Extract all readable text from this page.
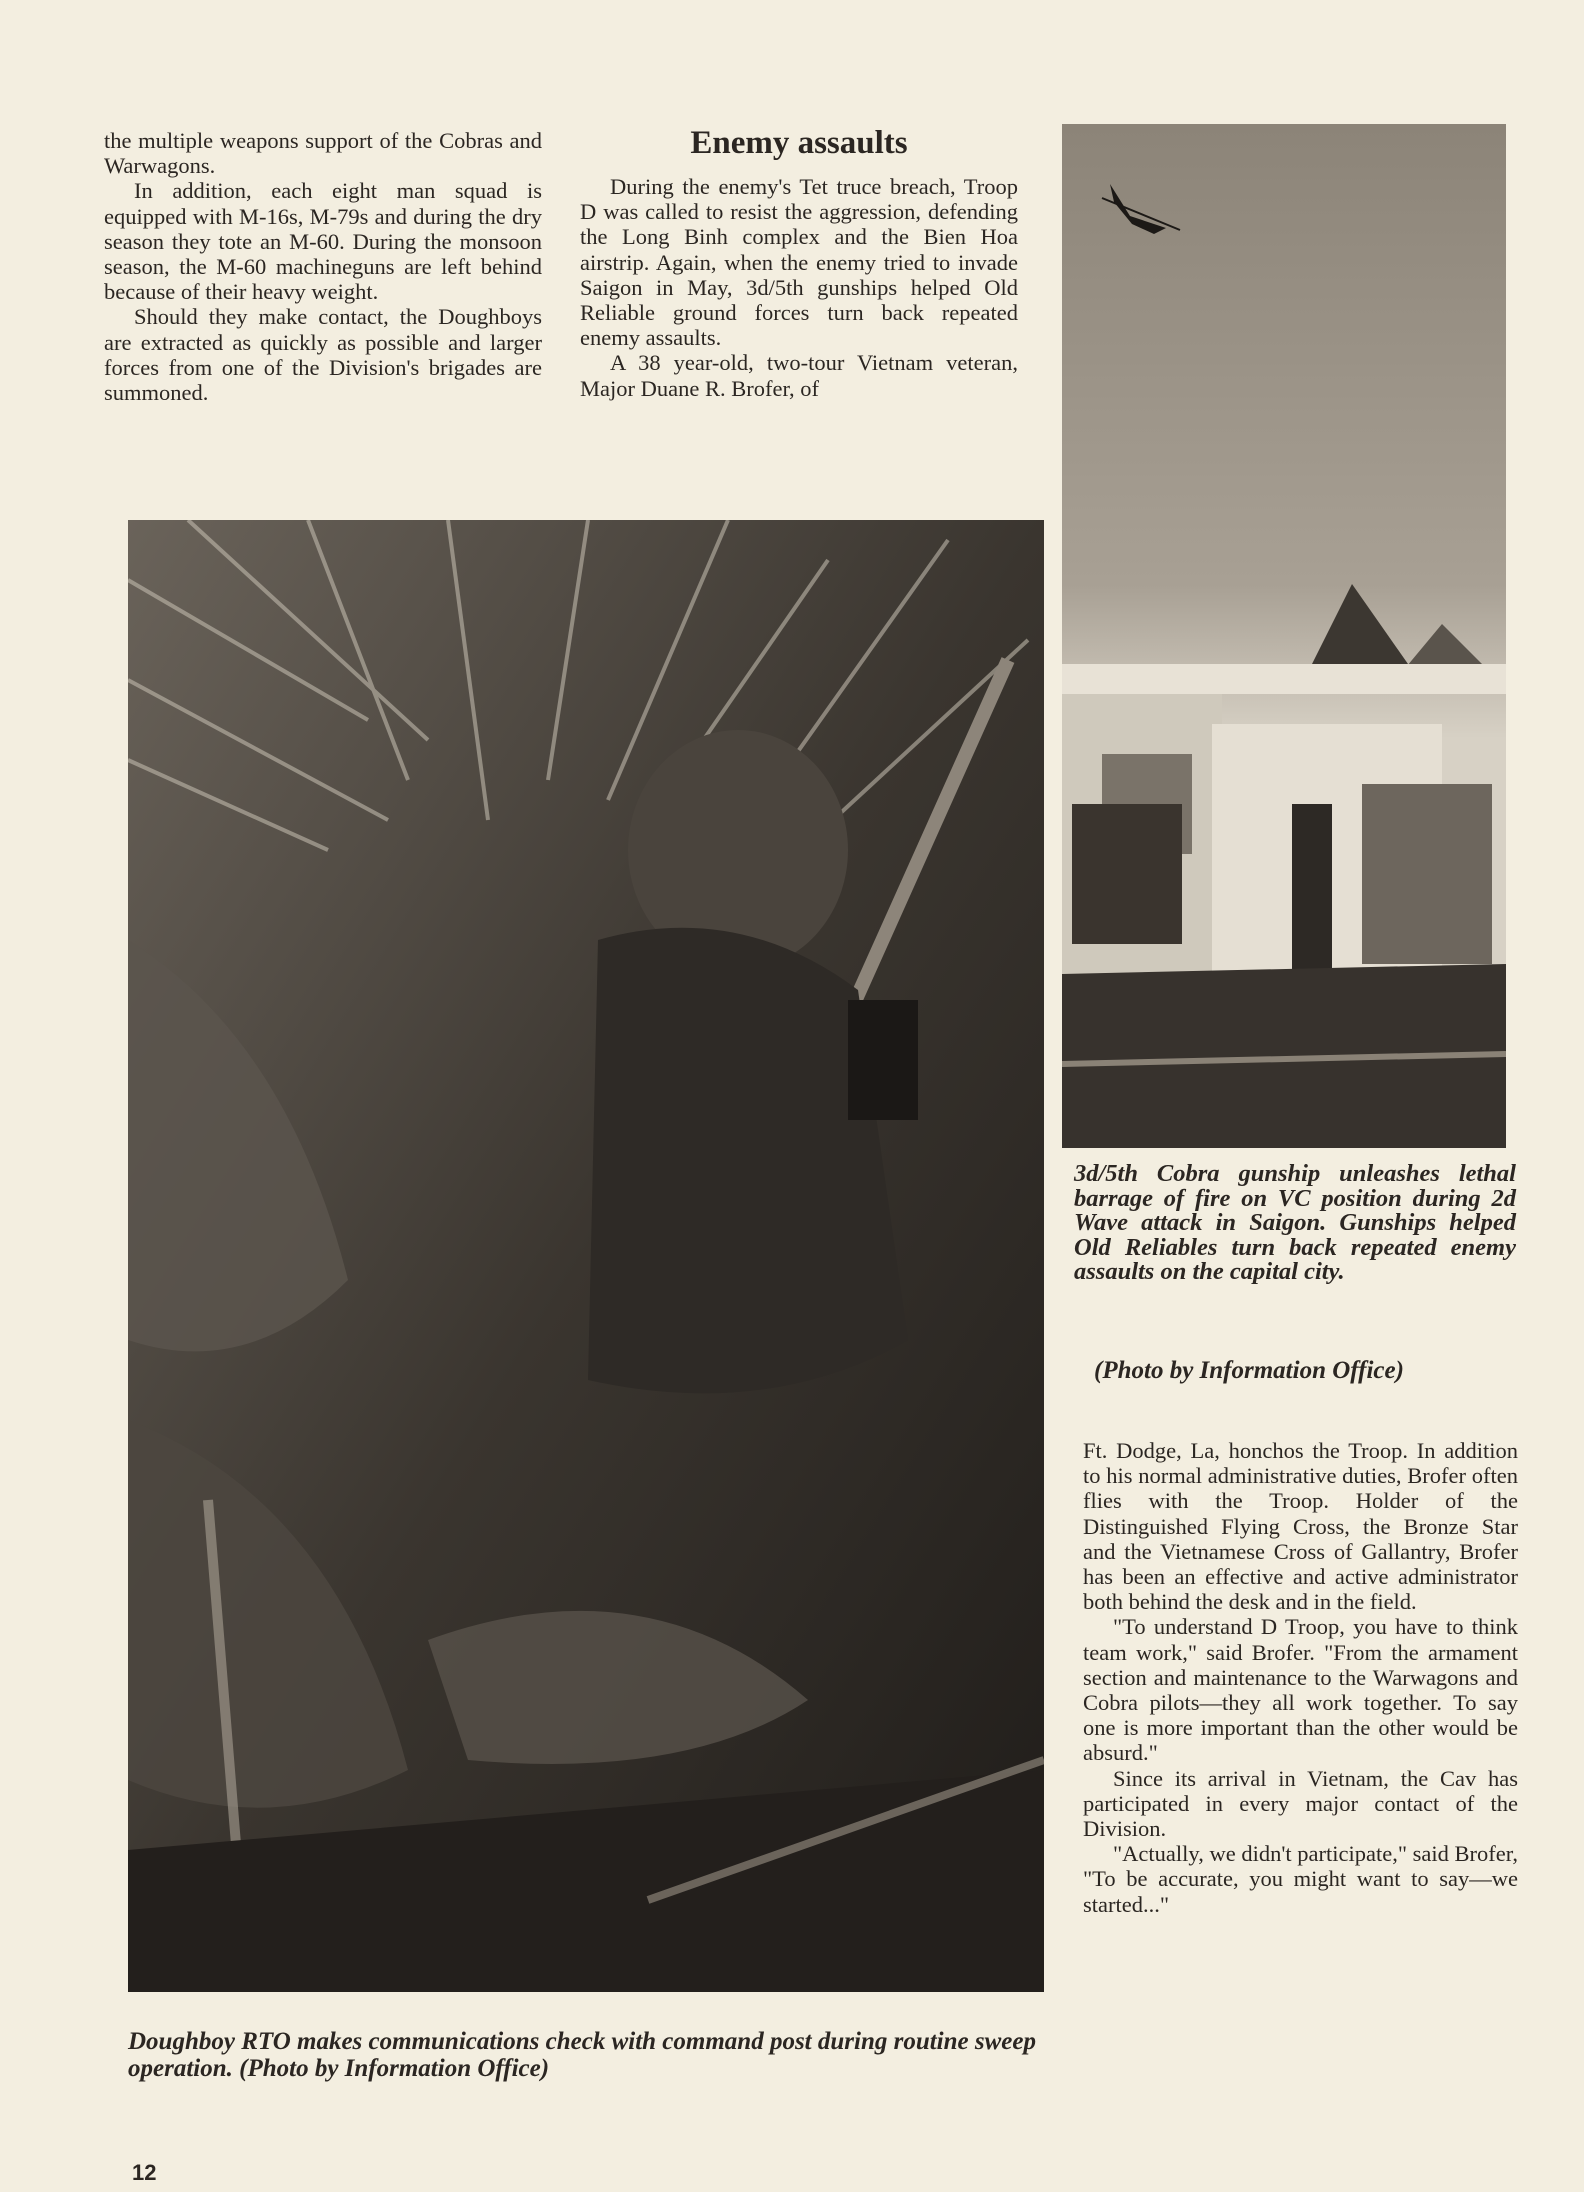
the multiple weapons support of the Cobras and Warwagons.

In addition, each eight man squad is equipped with M-16s, M-79s and during the dry season they tote an M-60. During the monsoon season, the M-60 machineguns are left behind because of their heavy weight.

Should they make contact, the Doughboys are extracted as quickly as possible and larger forces from one of the Division's brigades are summoned.

Enemy assaults

During the enemy's Tet truce breach, Troop D was called to resist the aggression, defending the Long Binh complex and the Bien Hoa airstrip. Again, when the enemy tried to invade Saigon in May, 3d/5th gunships helped Old Reliable ground forces turn back repeated enemy assaults.

A 38 year-old, two-tour Vietnam veteran, Major Duane R. Brofer, of

Doughboy RTO makes communications check with command post during routine sweep operation. (Photo by Information Office)
3d/5th Cobra gunship unleashes lethal barrage of fire on VC position during 2d Wave attack in Saigon. Gunships helped Old Reliables turn back repeated enemy assaults on the capital city.
(Photo by Information Office)

Ft. Dodge, La, honchos the Troop. In addition to his normal administrative duties, Brofer often flies with the Troop. Holder of the Distinguished Flying Cross, the Bronze Star and the Vietnamese Cross of Gallantry, Brofer has been an effective and active administrator both behind the desk and in the field.

"To understand D Troop, you have to think team work," said Brofer. "From the armament section and maintenance to the Warwagons and Cobra pilots—they all work together. To say one is more important than the other would be absurd."

Since its arrival in Vietnam, the Cav has participated in every major contact of the Division.

"Actually, we didn't participate," said Brofer, "To be accurate, you might want to say—we started..."

12
